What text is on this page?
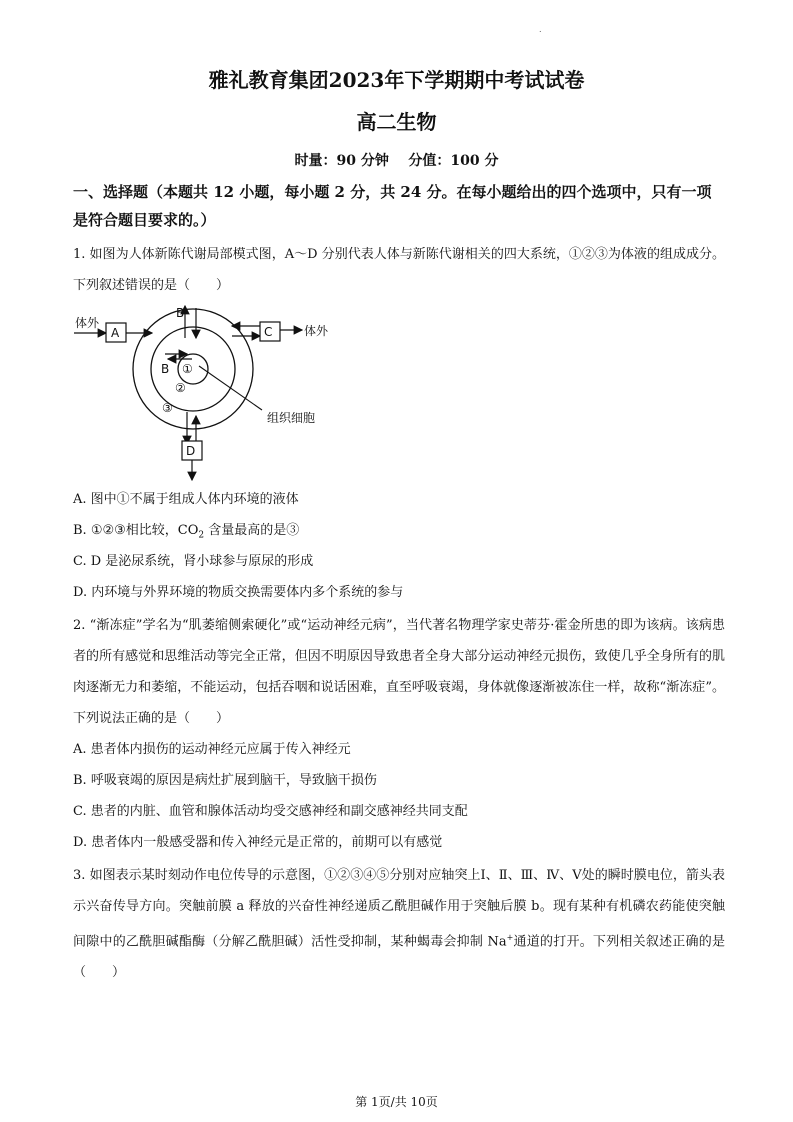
.
雅礼教育集团2023年下学期期中考试试卷
高二生物
时量：90 分钟    分值：100 分
一、选择题（本题共 12 小题，每小题 2 分，共 24 分。在每小题给出的四个选项中，只有一项是符合题目要求的。）
1. 如图为人体新陈代谢局部模式图，A～D 分别代表人体与新陈代谢相关的四大系统，①②③为体液的组成成分。下列叙述错误的是（　　）
体外
A
B
C	体外
B ①
②
③
组织细胞
D
A. 图中①不属于组成人体内环境的液体
B. ①②③相比较，$CO_2$ 含量最高的是③
C. D 是泌尿系统，肾小球参与原尿的形成
D. 内环境与外界环境的物质交换需要体内多个系统的参与
2. “渐冻症”学名为“肌萎缩侧索硬化”或“运动神经元病”，当代著名物理学家史蒂芬·霍金所患的即为该病。该病患者的所有感觉和思维活动等完全正常，但因不明原因导致患者全身大部分运动神经元损伤，致使几乎全身所有的肌肉逐渐无力和萎缩，不能运动，包括吞咽和说话困难，直至呼吸衰竭，身体就像逐渐被冻住一样，故称“渐冻症”。下列说法正确的是（　　）
A. 患者体内损伤的运动神经元应属于传入神经元
B. 呼吸衰竭的原因是病灶扩展到脑干，导致脑干损伤
C. 患者的内脏、血管和腺体活动均受交感神经和副交感神经共同支配
D. 患者体内一般感受器和传入神经元是正常的，前期可以有感觉
3. 如图表示某时刻动作电位传导的示意图，①②③④⑤分别对应轴突上Ⅰ、Ⅱ、Ⅲ、Ⅳ、Ⅴ处的瞬时膜电位，箭头表示兴奋传导方向。突触前膜 a 释放的兴奋性神经递质乙酰胆碱作用于突触后膜 b。现有某种有机磷农药能使突触间隙中的乙酰胆碱酯酶（分解乙酰胆碱）活性受抑制，某种蝎毒会抑制 Na+通道的打开。下列相关叙述正确的是（　　）
第 1页/共 10页
